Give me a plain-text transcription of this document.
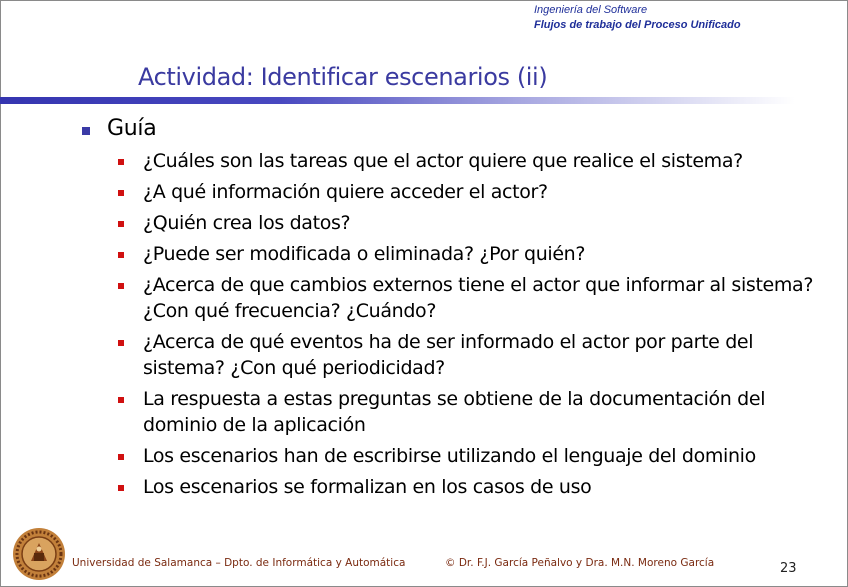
Ingeniería del Software
Flujos de trabajo del Proceso Unificado
Actividad: Identificar escenarios (ii)
Guía
¿Cuáles son las tareas que el actor quiere que realice el sistema?
¿A qué información quiere acceder el actor?
¿Quién crea los datos?
¿Puede ser modificada o eliminada? ¿Por quién?
¿Acerca de que cambios externos tiene el actor que informar al sistema? ¿Con qué frecuencia? ¿Cuándo?
¿Acerca de qué eventos ha de ser informado el actor por parte del sistema? ¿Con qué periodicidad?
La respuesta a estas preguntas se obtiene de la documentación del dominio de la aplicación
Los escenarios han de escribirse utilizando el lenguaje del dominio
Los escenarios se formalizan en los casos de uso
Universidad de Salamanca – Dpto. de Informática y Automática	© Dr. F.J. García Peñalvo y Dra. M.N. Moreno García	23
